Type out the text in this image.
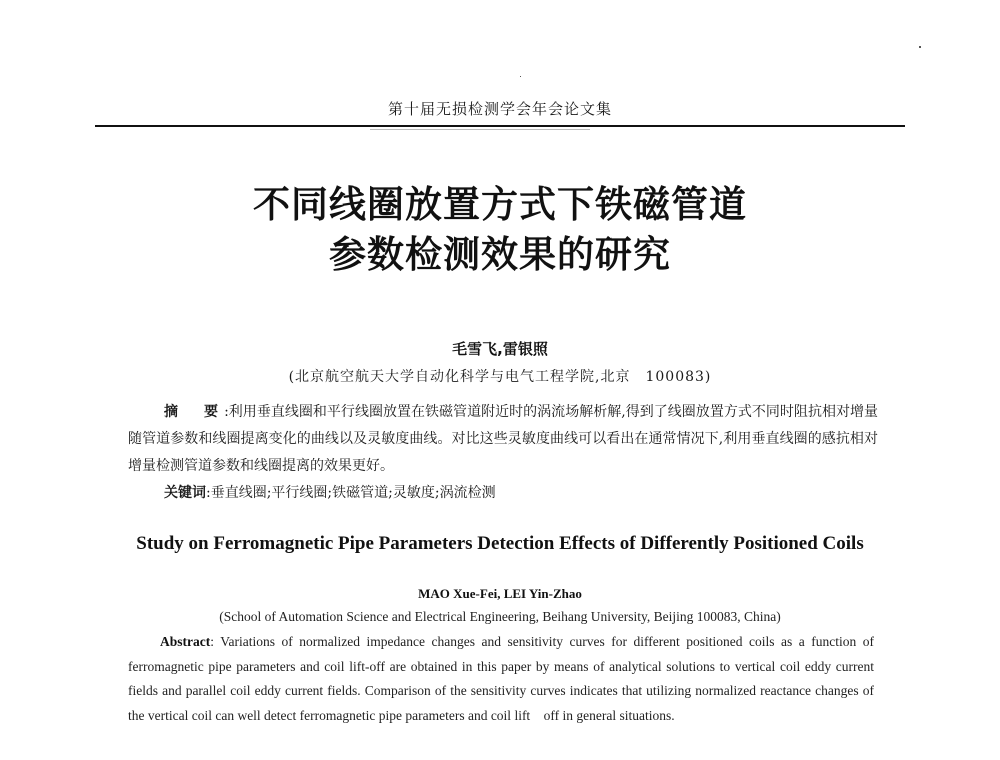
第十届无损检测学会年会论文集
不同线圈放置方式下铁磁管道
参数检测效果的研究
毛雪飞,雷银照
(北京航空航天大学自动化科学与电气工程学院,北京　100083)
摘　要:利用垂直线圈和平行线圈放置在铁磁管道附近时的涡流场解析解,得到了线圈放置方式不同时阻抗相对增量随管道参数和线圈提离变化的曲线以及灵敏度曲线。对比这些灵敏度曲线可以看出在通常情况下,利用垂直线圈的感抗相对增量检测管道参数和线圈提离的效果更好。
关键词:垂直线圈;平行线圈;铁磁管道;灵敏度;涡流检测
Study on Ferromagnetic Pipe Parameters Detection Effects of Differently Positioned Coils
MAO Xue-Fei, LEI Yin-Zhao
(School of Automation Science and Electrical Engineering, Beihang University, Beijing 100083, China)
Abstract: Variations of normalized impedance changes and sensitivity curves for different positioned coils as a function of ferromagnetic pipe parameters and coil lift-off are obtained in this paper by means of analytical solutions to vertical coil eddy current fields and parallel coil eddy current fields. Comparison of the sensitivity curves indicates that utilizing normalized reactance changes of the vertical coil can well detect ferromagnetic pipe parameters and coil lift　off in general situations.
